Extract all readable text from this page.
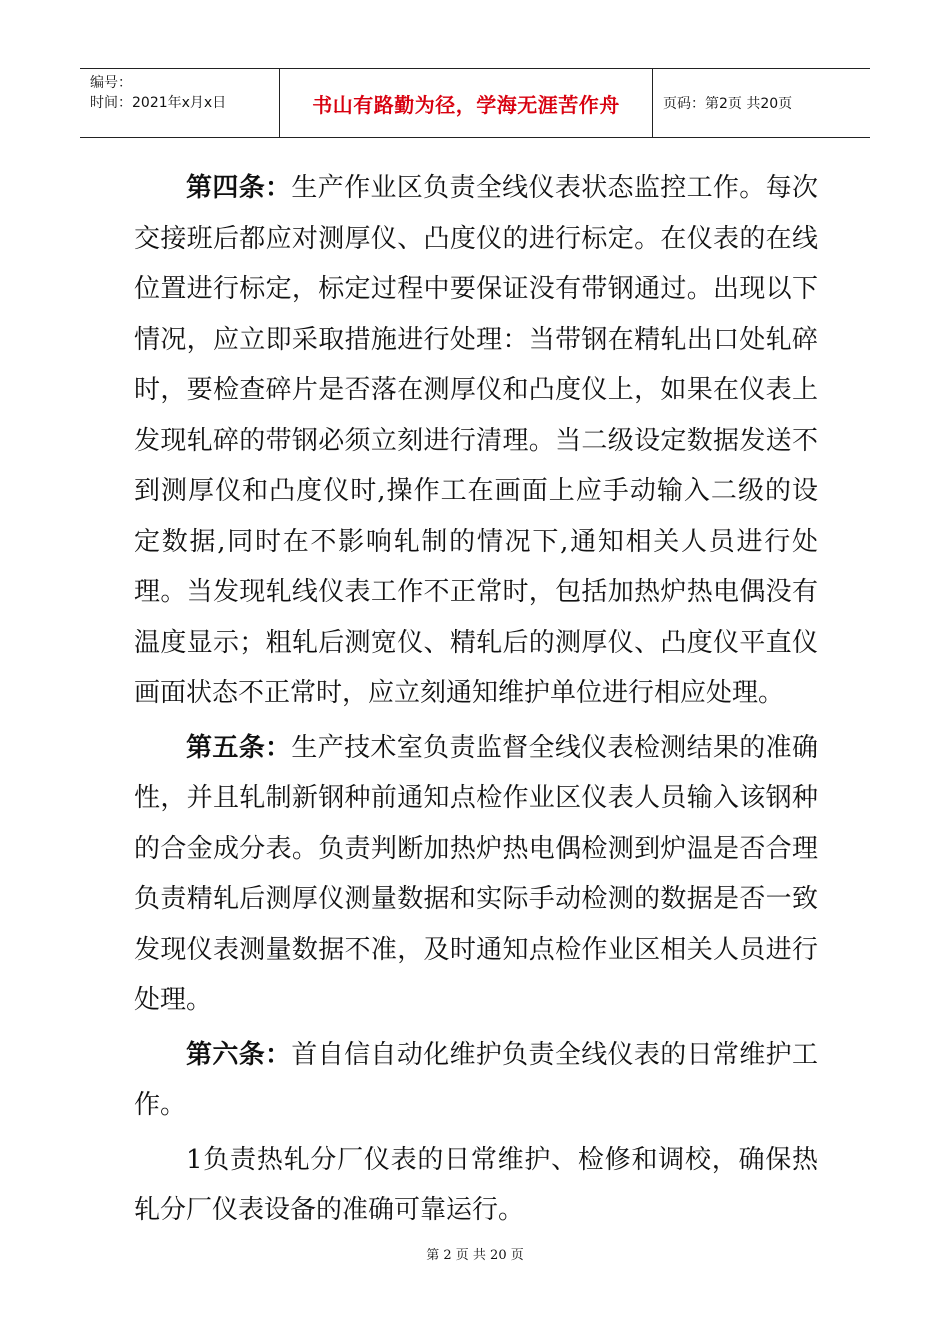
编号：
时间：2021年x月x日	书山有路勤为径，学海无涯苦作舟	页码：第2页 共20页

第四条：生产作业区负责全线仪表状态监控工作。每次交接班后都应对测厚仪、凸度仪的进行标定。在仪表的在线位置进行标定，标定过程中要保证没有带钢通过。出现以下情况，应立即采取措施进行处理：当带钢在精轧出口处轧碎时，要检查碎片是否落在测厚仪和凸度仪上，如果在仪表上发现轧碎的带钢必须立刻进行清理。当二级设定数据发送不到测厚仪和凸度仪时,操作工在画面上应手动输入二级的设定数据,同时在不影响轧制的情况下,通知相关人员进行处理。当发现轧线仪表工作不正常时，包括加热炉热电偶没有温度显示；粗轧后测宽仪、精轧后的测厚仪、凸度仪平直仪画面状态不正常时，应立刻通知维护单位进行相应处理。

第五条：生产技术室负责监督全线仪表检测结果的准确性，并且轧制新钢种前通知点检作业区仪表人员输入该钢种的合金成分表。负责判断加热炉热电偶检测到炉温是否合理负责精轧后测厚仪测量数据和实际手动检测的数据是否一致发现仪表测量数据不准，及时通知点检作业区相关人员进行处理。

第六条：首自信自动化维护负责全线仪表的日常维护工作。

1负责热轧分厂仪表的日常维护、检修和调校，确保热轧分厂仪表设备的准确可靠运行。

第 2 页 共 20 页
